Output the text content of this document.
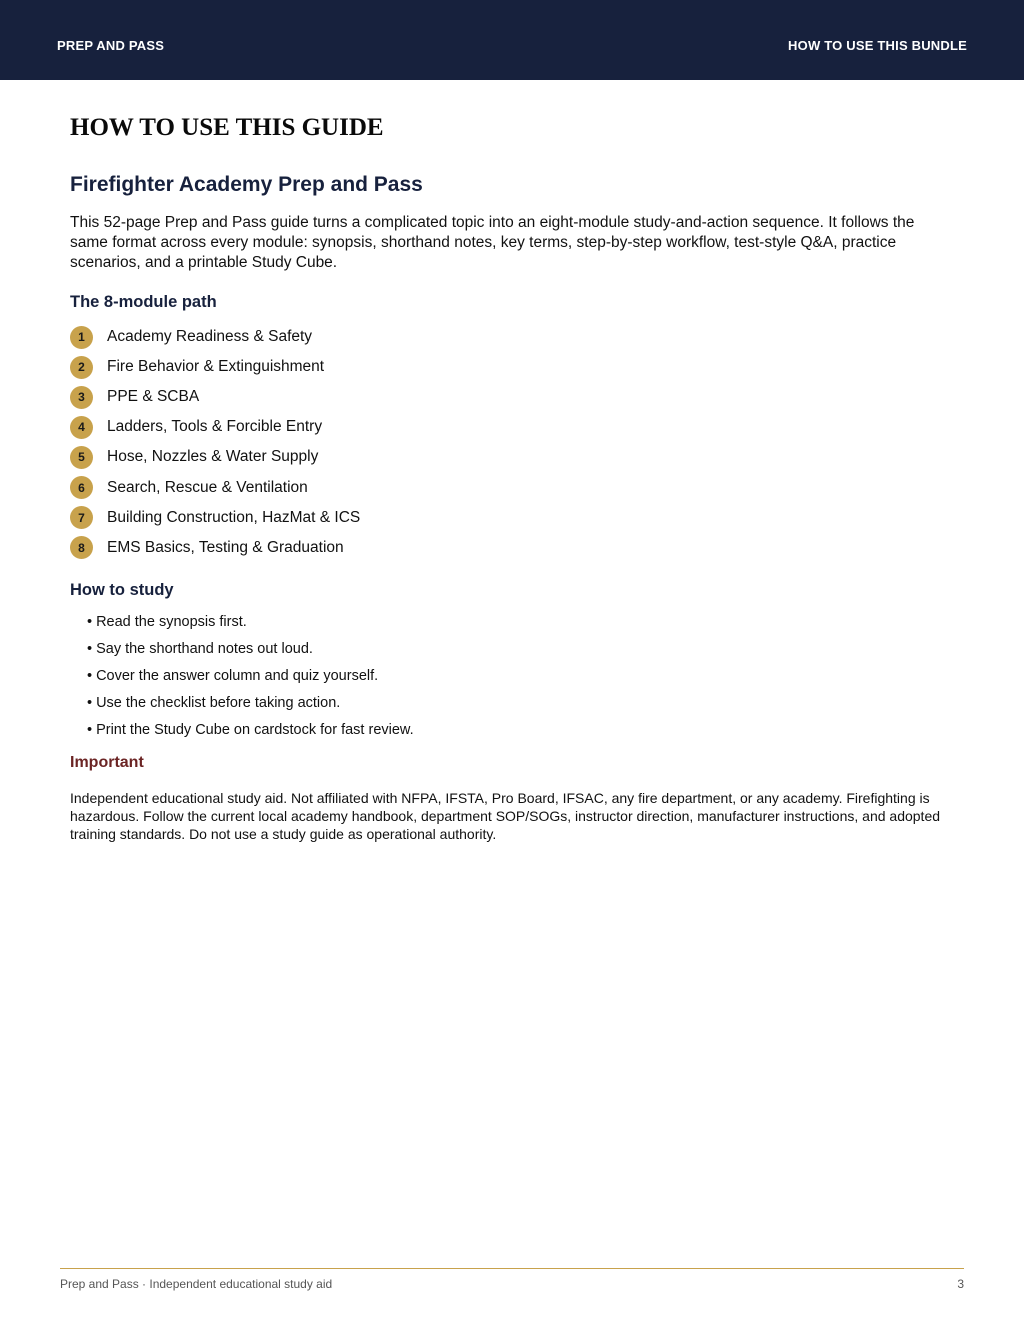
PREP AND PASS	HOW TO USE THIS BUNDLE
HOW TO USE THIS GUIDE
Firefighter Academy Prep and Pass

This 52-page Prep and Pass guide turns a complicated topic into an eight-module study-and-action sequence. It follows the same format across every module: synopsis, shorthand notes, key terms, step-by-step workflow, test-style Q&A, practice scenarios, and a printable Study Cube.

The 8-module path
1	Academy Readiness & Safety
2	Fire Behavior & Extinguishment
3	PPE & SCBA
4	Ladders, Tools & Forcible Entry
5	Hose, Nozzles & Water Supply
6	Search, Rescue & Ventilation
7	Building Construction, HazMat & ICS
8	EMS Basics, Testing & Graduation
How to study
• Read the synopsis first.
• Say the shorthand notes out loud.
• Cover the answer column and quiz yourself.
• Use the checklist before taking action.
• Print the Study Cube on cardstock for fast review.
Important

Independent educational study aid. Not affiliated with NFPA, IFSTA, Pro Board, IFSAC, any fire department, or any academy. Firefighting is hazardous. Follow the current local academy handbook, department SOP/SOGs, instructor direction, manufacturer instructions, and adopted training standards. Do not use a study guide as operational authority.

Prep and Pass · Independent educational study aid	3
